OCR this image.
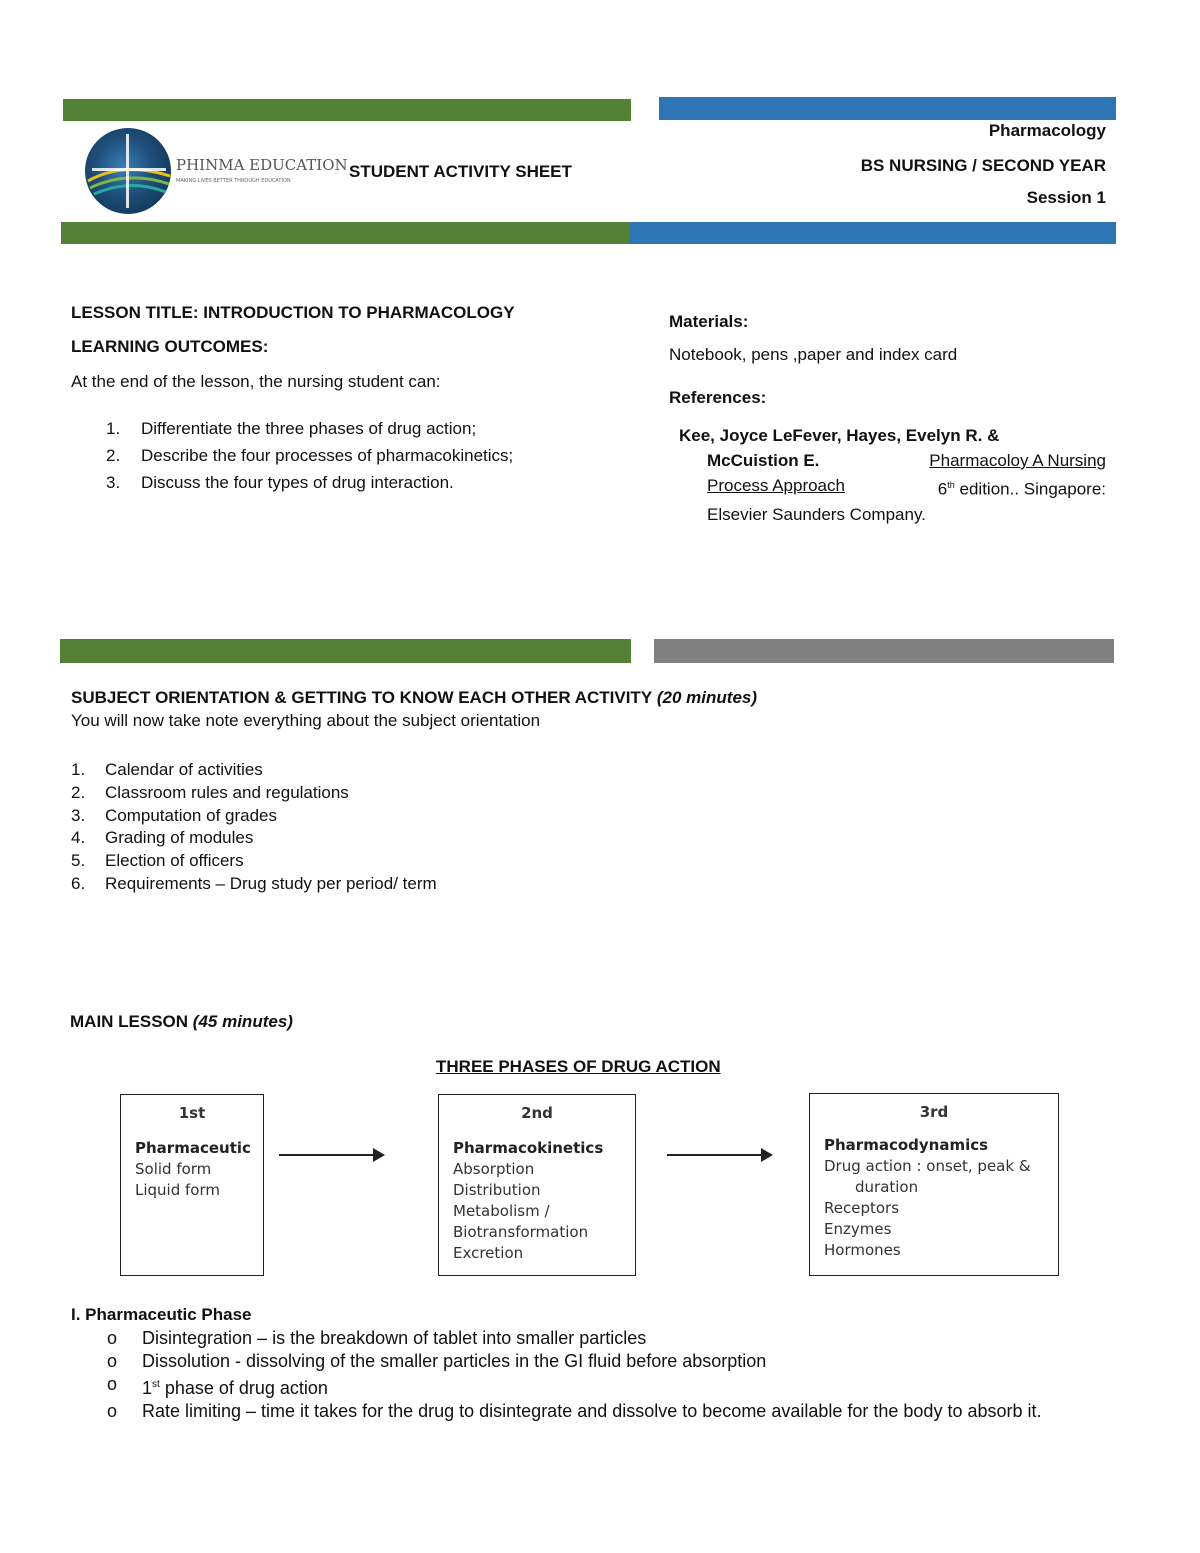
PHINMA EDUCATION
MAKING LIVES BETTER THROUGH EDUCATION	STUDENT ACTIVITY SHEET
Pharmacology
BS NURSING / SECOND YEAR
Session 1
LESSON TITLE: INTRODUCTION TO PHARMACOLOGY
LEARNING OUTCOMES:
At the end of the lesson, the nursing student can:
1.	Differentiate the three phases of drug action;
2.	Describe the four processes of pharmacokinetics;
3.	Discuss the four types of drug interaction.
Materials:
Notebook, pens ,paper and index card
References:
Kee, Joyce LeFever, Hayes, Evelyn R. &
McCuistion E.	Pharmacoloy A Nursing
Process Approach	6th edition.. Singapore:
Elsevier Saunders Company.
SUBJECT ORIENTATION & GETTING TO KNOW EACH OTHER ACTIVITY (20 minutes)
You will now take note everything about the subject orientation
1.	Calendar of activities
2.	Classroom rules and regulations
3.	Computation of grades
4.	Grading of modules
5.	Election of officers
6.	Requirements – Drug study per period/ term
MAIN LESSON (45 minutes)
THREE PHASES OF DRUG ACTION
1st
Pharmaceutic
Solid form
Liquid form
2nd
Pharmacokinetics
Absorption
Distribution
Metabolism /
Biotransformation
Excretion
3rd
Pharmacodynamics
Drug action : onset, peak &
duration
Receptors
Enzymes
Hormones
I. Pharmaceutic Phase
o	Disintegration – is the breakdown of tablet into smaller particles
o	Dissolution - dissolving of the smaller particles in the GI fluid before absorption
o	1st phase of drug action
o	Rate limiting – time it takes for the drug to disintegrate and dissolve to become available for the body to absorb it.
